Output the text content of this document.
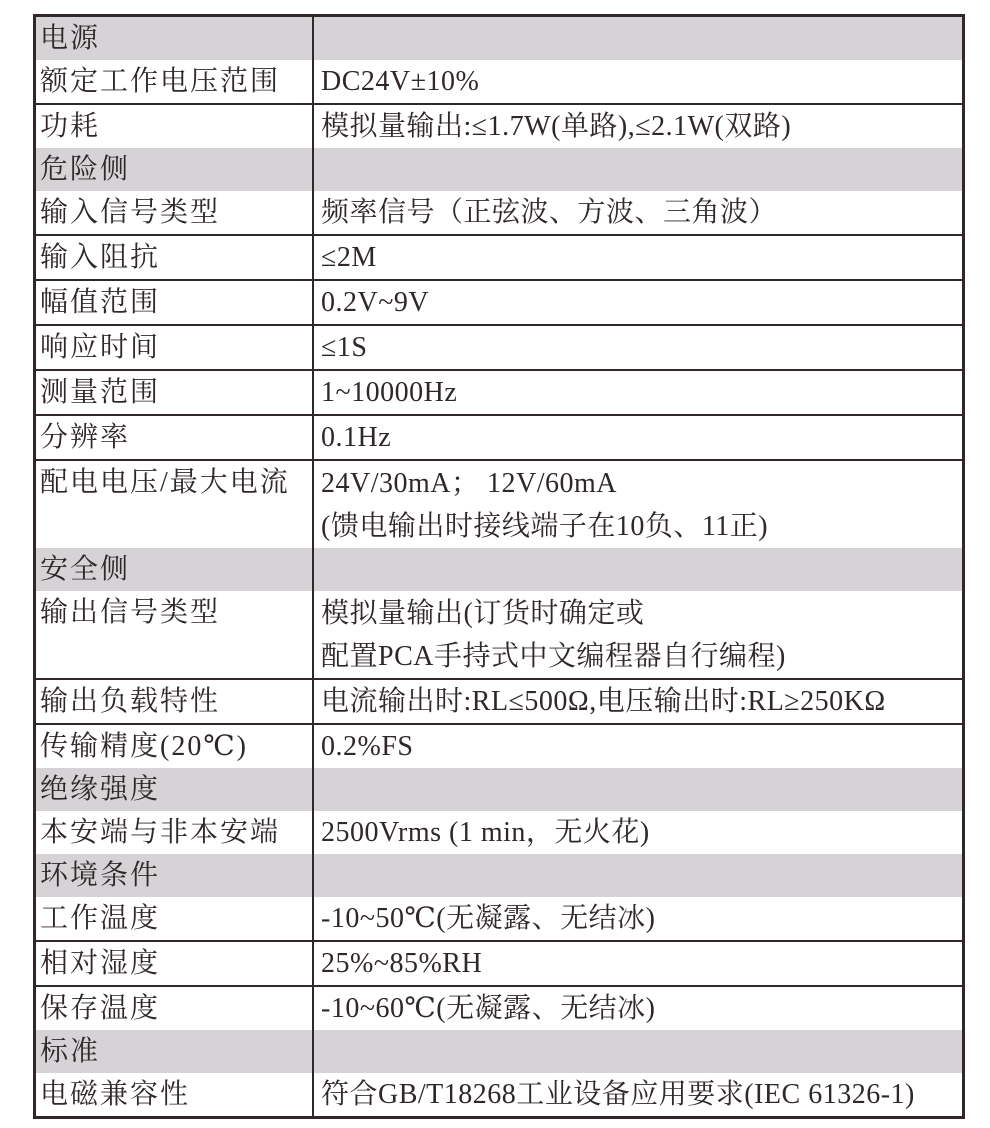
电源
额定工作电压范围	DC24V±10%
功耗	模拟量输出:≤1.7W(单路),≤2.1W(双路)
危险侧
输入信号类型	频率信号（正弦波、方波、三角波）
输入阻抗	≤2M
幅值范围	0.2V~9V
响应时间	≤1S
测量范围	1~10000Hz
分辨率	0.1Hz
配电电压/最大电流	24V/30mA； 12V/60mA
(馈电输出时接线端子在10负、11正)
安全侧
输出信号类型	模拟量输出(订货时确定或
配置PCA手持式中文编程器自行编程)
输出负载特性	电流输出时:RL≤500Ω,电压输出时:RL≥250KΩ
传输精度(20℃)	0.2%FS
绝缘强度
本安端与非本安端	2500Vrms (1 min，无火花)
环境条件
工作温度	-10~50℃(无凝露、无结冰)
相对湿度	25%~85%RH
保存温度	-10~60℃(无凝露、无结冰)
标准
电磁兼容性	符合GB/T18268工业设备应用要求(IEC 61326-1)
